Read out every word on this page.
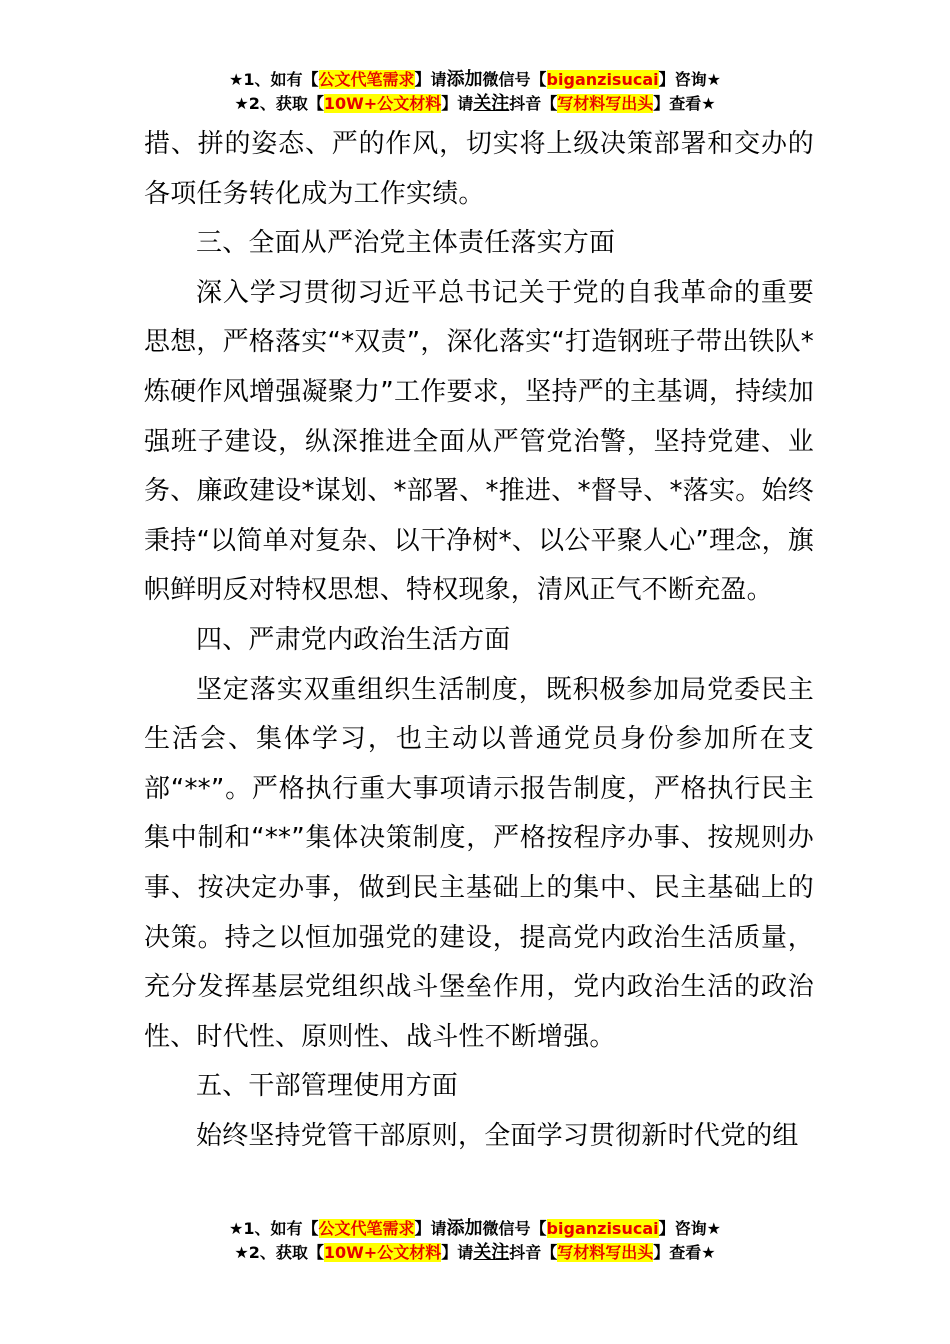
★1、如有【公文代笔需求】请添加微信号【biganzisucai】咨询★
★2、获取【10W+公文材料】请关注抖音【写材料写出头】查看★

措、拼的姿态、严的作风，切实将上级决策部署和交办的各项任务转化成为工作实绩。

三、全面从严治党主体责任落实方面

深入学习贯彻习近平总书记关于党的自我革命的重要思想，严格落实“*双责”，深化落实“打造钢班子带出铁队*炼硬作风增强凝聚力”工作要求，坚持严的主基调，持续加强班子建设，纵深推进全面从严管党治警，坚持党建、业务、廉政建设*谋划、*部署、*推进、*督导、*落实。始终秉持“以简单对复杂、以干净树*、以公平聚人心”理念，旗帜鲜明反对特权思想、特权现象，清风正气不断充盈。

四、严肃党内政治生活方面

坚定落实双重组织生活制度，既积极参加局党委民主生活会、集体学习，也主动以普通党员身份参加所在支部“**”。严格执行重大事项请示报告制度，严格执行民主集中制和“**”集体决策制度，严格按程序办事、按规则办事、按决定办事，做到民主基础上的集中、民主基础上的决策。持之以恒加强党的建设，提高党内政治生活质量，充分发挥基层党组织战斗堡垒作用，党内政治生活的政治性、时代性、原则性、战斗性不断增强。

五、干部管理使用方面

始终坚持党管干部原则，全面学习贯彻新时代党的组

★1、如有【公文代笔需求】请添加微信号【biganzisucai】咨询★
★2、获取【10W+公文材料】请关注抖音【写材料写出头】查看★
